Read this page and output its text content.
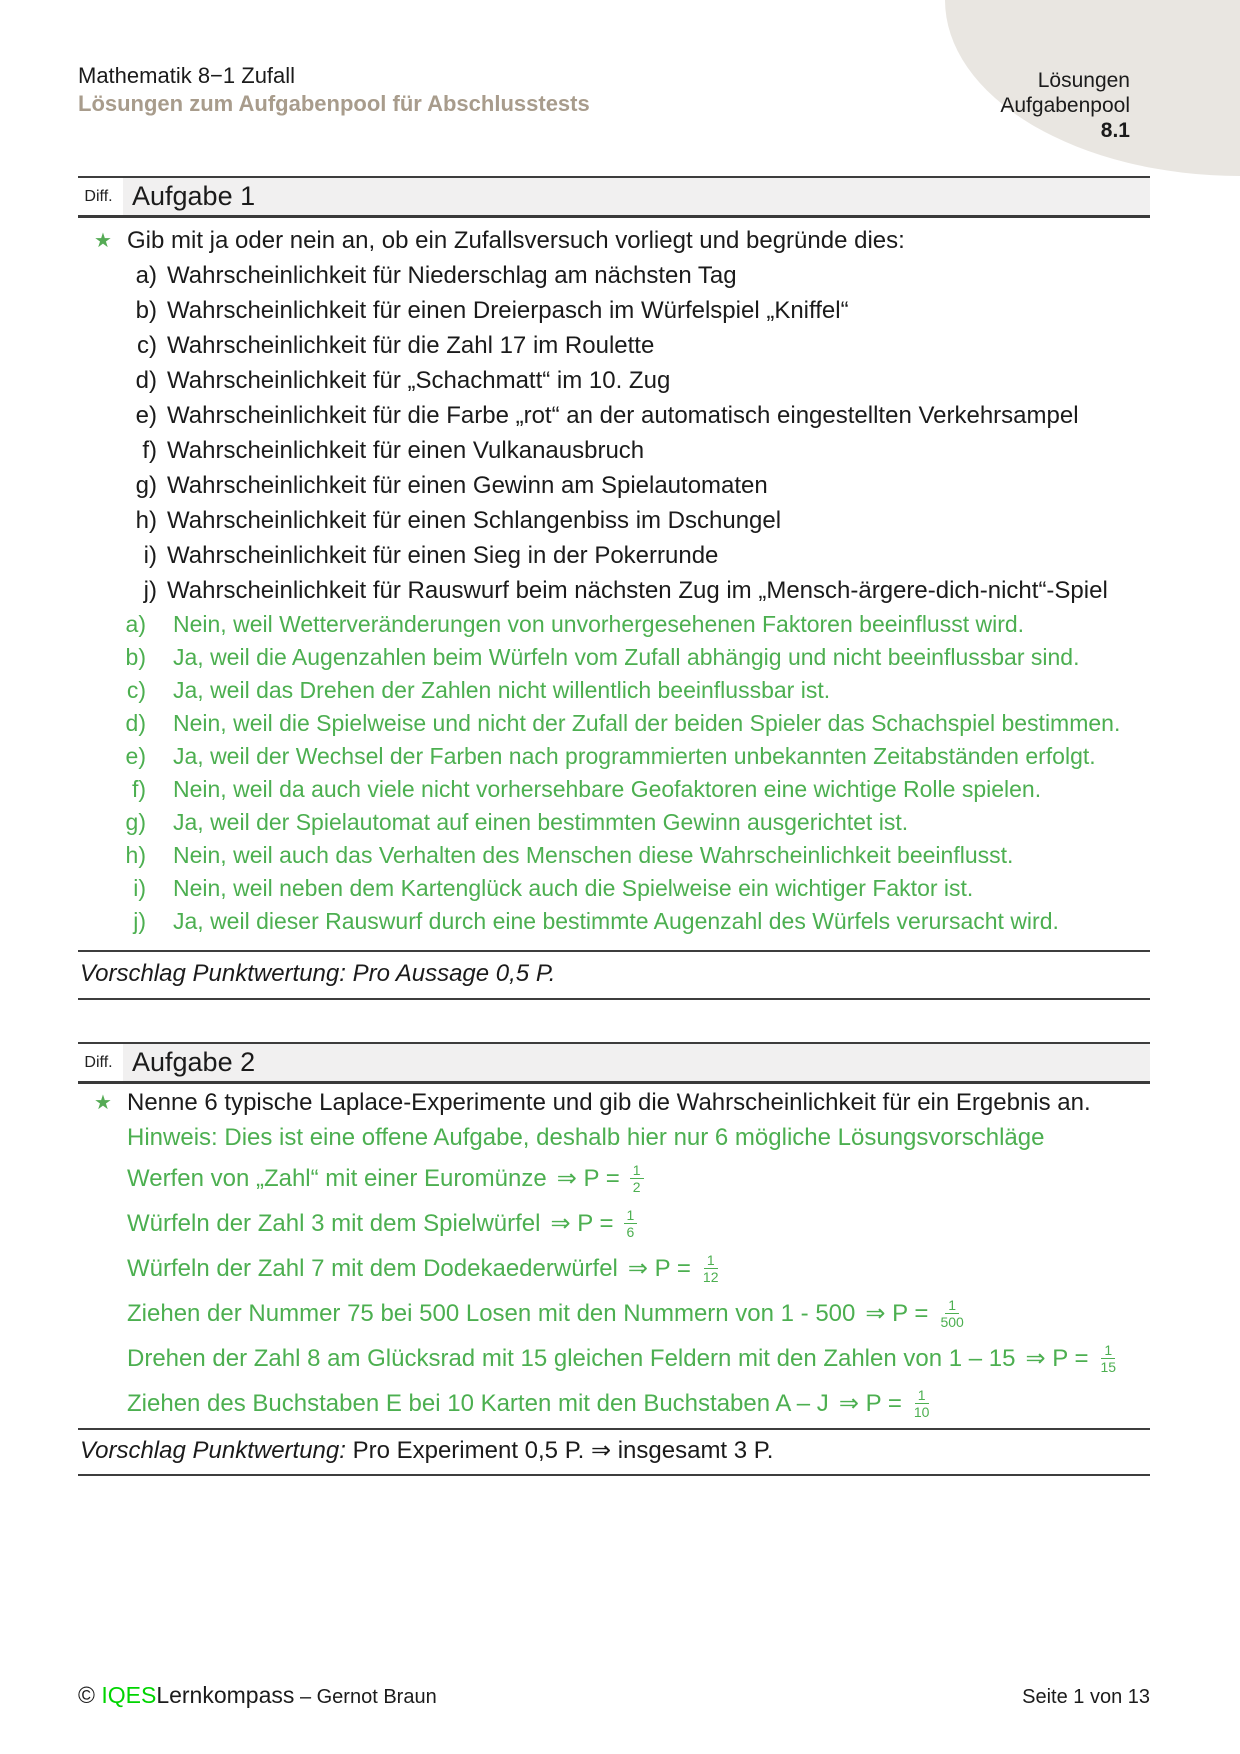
Mathematik 8−1 Zufall
Lösungen zum Aufgabenpool für Abschlusstests
Lösungen
Aufgabenpool
8.1
Diff. Aufgabe 1
★ Gib mit ja oder nein an, ob ein Zufallsversuch vorliegt und begründe dies:
a) Wahrscheinlichkeit für Niederschlag am nächsten Tag
b) Wahrscheinlichkeit für einen Dreierpasch im Würfelspiel „Kniffel“
c) Wahrscheinlichkeit für die Zahl 17 im Roulette
d) Wahrscheinlichkeit für „Schachmatt“ im 10. Zug
e) Wahrscheinlichkeit für die Farbe „rot“ an der automatisch eingestellten Verkehrsampel
f) Wahrscheinlichkeit für einen Vulkanausbruch
g) Wahrscheinlichkeit für einen Gewinn am Spielautomaten
h) Wahrscheinlichkeit für einen Schlangenbiss im Dschungel
i) Wahrscheinlichkeit für einen Sieg in der Pokerrunde
j) Wahrscheinlichkeit für Rauswurf beim nächsten Zug im „Mensch-ärgere-dich-nicht“-Spiel
a) Nein, weil Wetterveränderungen von unvorhergesehenen Faktoren beeinflusst wird.
b) Ja, weil die Augenzahlen beim Würfeln vom Zufall abhängig und nicht beeinflussbar sind.
c) Ja, weil das Drehen der Zahlen nicht willentlich beeinflussbar ist.
d) Nein, weil die Spielweise und nicht der Zufall der beiden Spieler das Schachspiel bestimmen.
e) Ja, weil der Wechsel der Farben nach programmierten unbekannten Zeitabständen erfolgt.
f) Nein, weil da auch viele nicht vorhersehbare Geofaktoren eine wichtige Rolle spielen.
g) Ja, weil der Spielautomat auf einen bestimmten Gewinn ausgerichtet ist.
h) Nein, weil auch das Verhalten des Menschen diese Wahrscheinlichkeit beeinflusst.
i) Nein, weil neben dem Kartenglück auch die Spielweise ein wichtiger Faktor ist.
j) Ja, weil dieser Rauswurf durch eine bestimmte Augenzahl des Würfels verursacht wird.
Vorschlag Punktwertung: Pro Aussage 0,5 P.
Diff. Aufgabe 2
★ Nenne 6 typische Laplace-Experimente und gib die Wahrscheinlichkeit für ein Ergebnis an.
Hinweis: Dies ist eine offene Aufgabe, deshalb hier nur 6 mögliche Lösungsvorschläge
Werfen von „Zahl“ mit einer Euromünze ⇒ $P = \frac{1}{2}$
Würfeln der Zahl 3 mit dem Spielwürfel ⇒ $P = \frac{1}{6}$
Würfeln der Zahl 7 mit dem Dodekaederwürfel ⇒ $P = \frac{1}{12}$
Ziehen der Nummer 75 bei 500 Losen mit den Nummern von 1 - 500 ⇒ $P = \frac{1}{500}$
Drehen der Zahl 8 am Glücksrad mit 15 gleichen Feldern mit den Zahlen von 1 – 15 ⇒ $P = \frac{1}{15}$
Ziehen des Buchstaben E bei 10 Karten mit den Buchstaben A – J ⇒ $P = \frac{1}{10}$
Vorschlag Punktwertung: Pro Experiment 0,5 P. ⇒ insgesamt 3 P.
© IQESLernkompass – Gernot Braun	Seite 1 von 13
